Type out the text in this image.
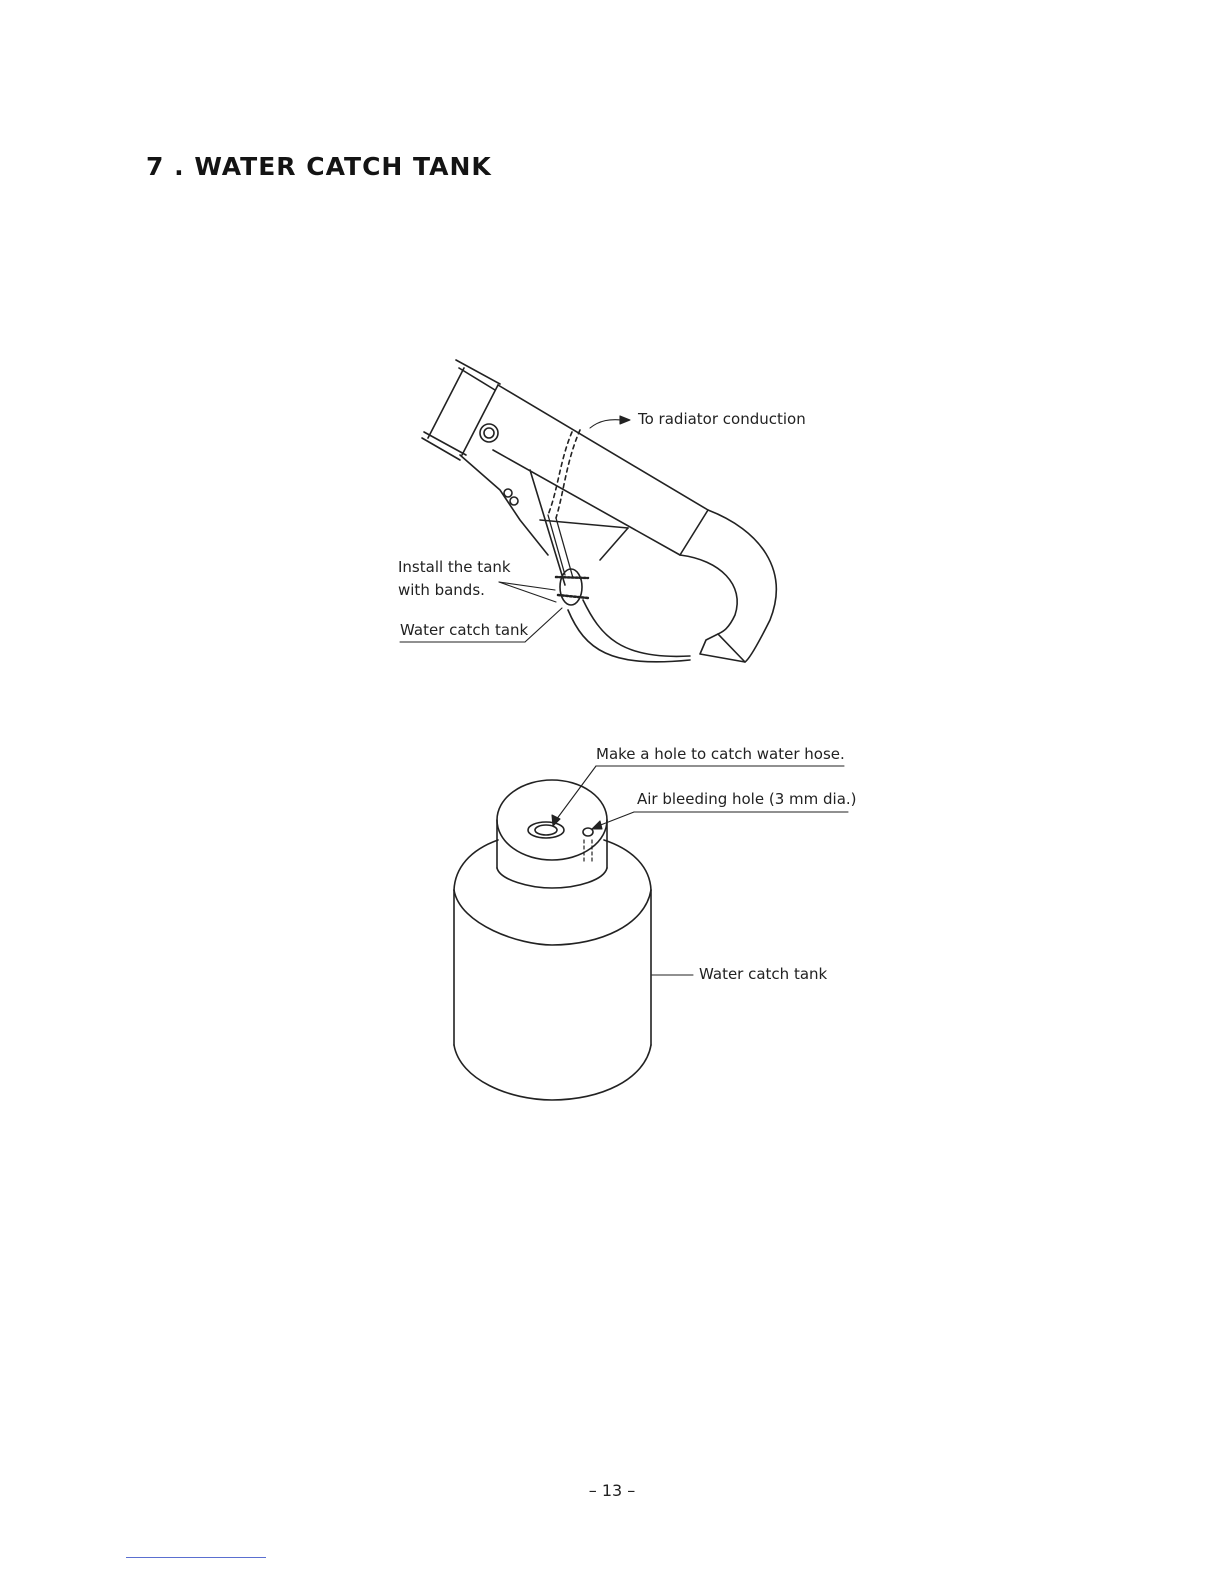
7 . WATER CATCH TANK
To radiator conduction
Install the tank
with bands.
Water catch tank
Make a hole to catch water hose.
Air bleeding hole (3 mm dia.)
Water catch tank
– 13 –
